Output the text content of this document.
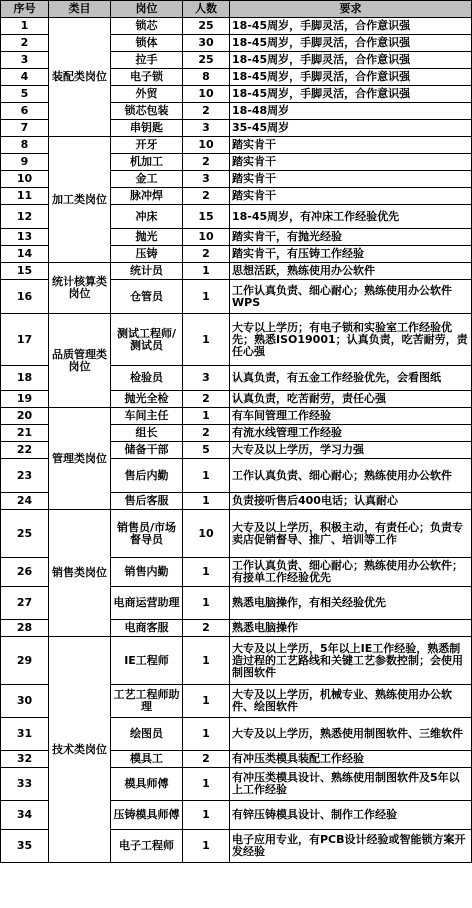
序号	类目	岗位	人数	要求
1	装配类岗位	锁芯	25	18-45周岁，手脚灵活，合作意识强
2		锁体	30	18-45周岁，手脚灵活，合作意识强
3		拉手	25	18-45周岁，手脚灵活，合作意识强
4		电子锁	8	18-45周岁，手脚灵活，合作意识强
5		外贸	10	18-45周岁，手脚灵活，合作意识强
6		锁芯包装	2	18-48周岁
7		串钥匙	3	35-45周岁
8	加工类岗位	开牙	10	踏实肯干
9		机加工	2	踏实肯干
10		金工	3	踏实肯干
11		脉冲焊	2	踏实肯干
12		冲床	15	18-45周岁，有冲床工作经验优先
13		抛光	10	踏实肯干，有抛光经验
14		压铸	2	踏实肯干，有压铸工作经验
15	统计核算类岗位	统计员	1	思想活跃，熟练使用办公软件
16		仓管员	1	工作认真负责、细心耐心；熟练使用办公软件WPS
17	品质管理类岗位	测试工程师/测试员	1	大专以上学历；有电子锁和实验室工作经验优先；熟悉ISO19001；认真负责，吃苦耐劳，责任心强
18		检验员	3	认真负责，有五金工作经验优先，会看图纸
19		抛光全检	2	认真负责，吃苦耐劳，责任心强
20	管理类岗位	车间主任	1	有车间管理工作经验
21		组长	2	有流水线管理工作经验
22		储备干部	5	大专及以上学历，学习力强
23		售后内勤	1	工作认真负责、细心耐心；熟练使用办公软件
24		售后客服	1	负责接听售后400电话；认真耐心
25	销售类岗位	销售员/市场督导员	10	大专及以上学历，积极主动，有责任心；负责专卖店促销督导、推广、培训等工作
26		销售内勤	1	工作认真负责、细心耐心；熟练使用办公软件；有接单工作经验优先
27		电商运营助理	1	熟悉电脑操作，有相关经验优先
28		电商客服	2	熟悉电脑操作
29	技术类岗位	IE工程师	1	大专及以上学历，5年以上IE工作经验，熟悉制造过程的工艺路线和关键工艺参数控制；会使用制图软件
30		工艺工程师助理	1	大专及以上学历，机械专业、熟练使用办公软件、绘图软件
31		绘图员	1	大专及以上学历，熟悉使用制图软件、三维软件
32		模具工	2	有冲压类模具装配工作经验
33		模具师傅	1	有冲压类模具设计、熟练使用制图软件及5年以上工作经验
34		压铸模具师傅	1	有锌压铸模具设计、制作工作经验
35		电子工程师	1	电子应用专业，有PCB设计经验或智能锁方案开发经验
